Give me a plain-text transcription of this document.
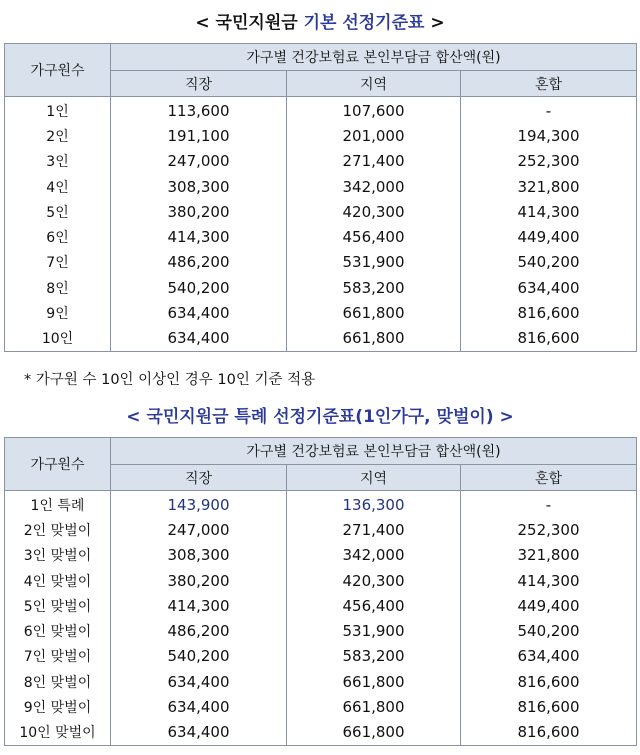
< 국민지원금 기본 선정기준표 >
가구원수	가구별 건강보험료 본인부담금 합산액(원)		
	직장	지역	혼합
1인	113,600	107,600	-
2인	191,100	201,000	194,300
3인	247,000	271,400	252,300
4인	308,300	342,000	321,800
5인	380,200	420,300	414,300
6인	414,300	456,400	449,400
7인	486,200	531,900	540,200
8인	540,200	583,200	634,400
9인	634,400	661,800	816,600
10인	634,400	661,800	816,600
* 가구원 수 10인 이상인 경우 10인 기준 적용
< 국민지원금 특례 선정기준표(1인가구, 맞벌이) >
가구원수	가구별 건강보험료 본인부담금 합산액(원)		
	직장	지역	혼합
1인 특례	143,900	136,300	-
2인 맞벌이	247,000	271,400	252,300
3인 맞벌이	308,300	342,000	321,800
4인 맞벌이	380,200	420,300	414,300
5인 맞벌이	414,300	456,400	449,400
6인 맞벌이	486,200	531,900	540,200
7인 맞벌이	540,200	583,200	634,400
8인 맞벌이	634,400	661,800	816,600
9인 맞벌이	634,400	661,800	816,600
10인 맞벌이	634,400	661,800	816,600
